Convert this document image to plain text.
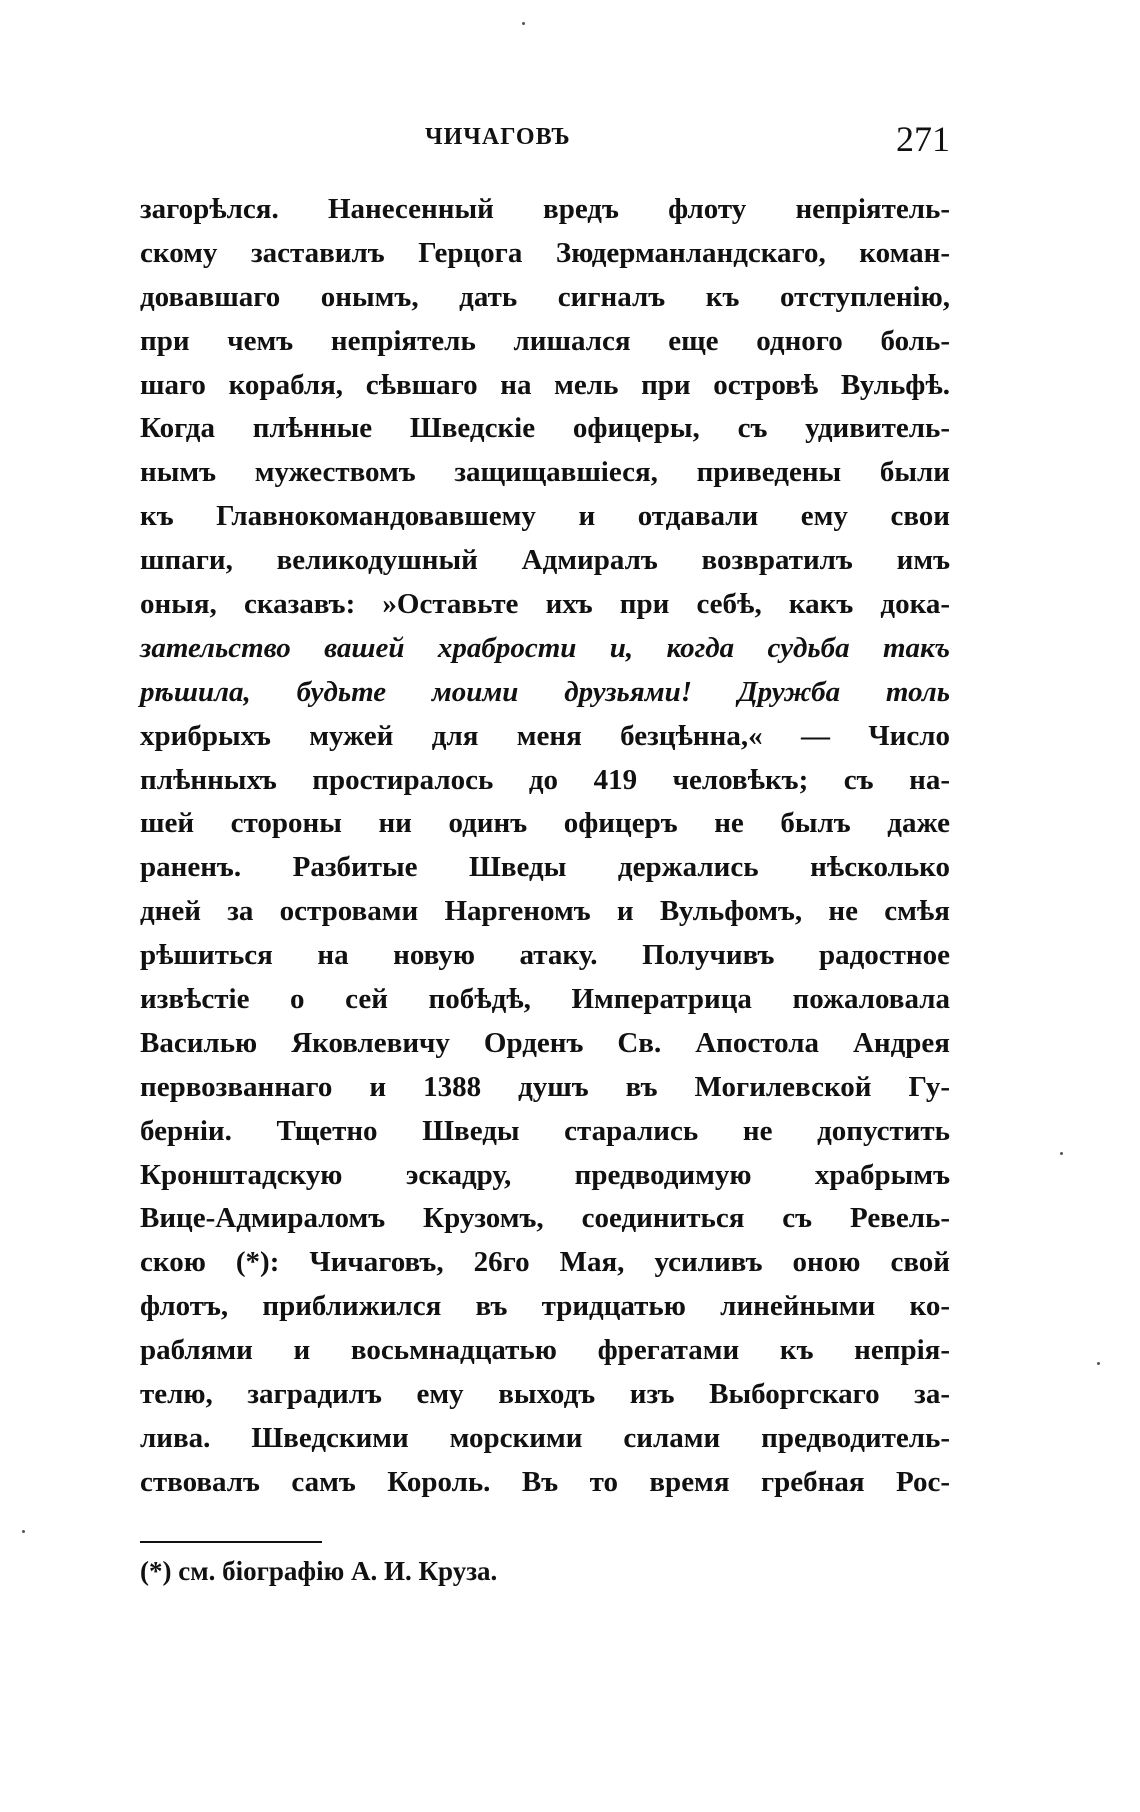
ЧИЧАГОВЪ	271
загорѣлся. Нанесенный вредъ флоту непріятель-
скому заставилъ Герцога Зюдерманландскаго, коман-
довавшаго онымъ, дать сигналъ къ отступленію,
при чемъ непріятель лишался еще одного боль-
шаго корабля, сѣвшаго на мель при островѣ Вульфѣ.
Когда плѣнные Шведскіе офицеры, съ удивитель-
нымъ мужествомъ защищавшіеся, приведены были
къ Главнокомандовавшему и отдавали ему свои
шпаги, великодушный Адмиралъ возвратилъ имъ
оныя, сказавъ: »Оставьте ихъ при себѣ, какъ дока-
зательство вашей храбрости и, когда судьба такъ
рѣшила, будьте моими друзьями! Дружба толь
хрибрыхъ мужей для меня безцѣнна,« — Число
плѣнныхъ простиралось до 419 человѣкъ; съ на-
шей стороны ни одинъ офицеръ не былъ даже
раненъ. Разбитые Шведы держались нѣсколько
дней за островами Наргеномъ и Вульфомъ, не смѣя
рѣшиться на новую атаку. Получивъ радостное
извѣстіе о сей побѣдѣ, Императрица пожаловала
Василью Яковлевичу Орденъ Св. Апостола Андрея
первозваннаго и 1388 душъ въ Могилевской Гу-
берніи. Тщетно Шведы старались не допустить
Кронштадскую эскадру, предводимую храбрымъ
Вице-Адмираломъ Крузомъ, соединиться съ Ревель-
скою (*): Чичаговъ, 26го Мая, усиливъ оною свой
флотъ, приближился въ тридцатью линейными ко-
раблями и восьмнадцатью фрегатами къ непрія-
телю, заградилъ ему выходъ изъ Выборгскаго за-
лива. Шведскими морскими силами предводитель-
ствовалъ самъ Король. Въ то время гребная Рос-
(*) см. біографію А. И. Круза.
